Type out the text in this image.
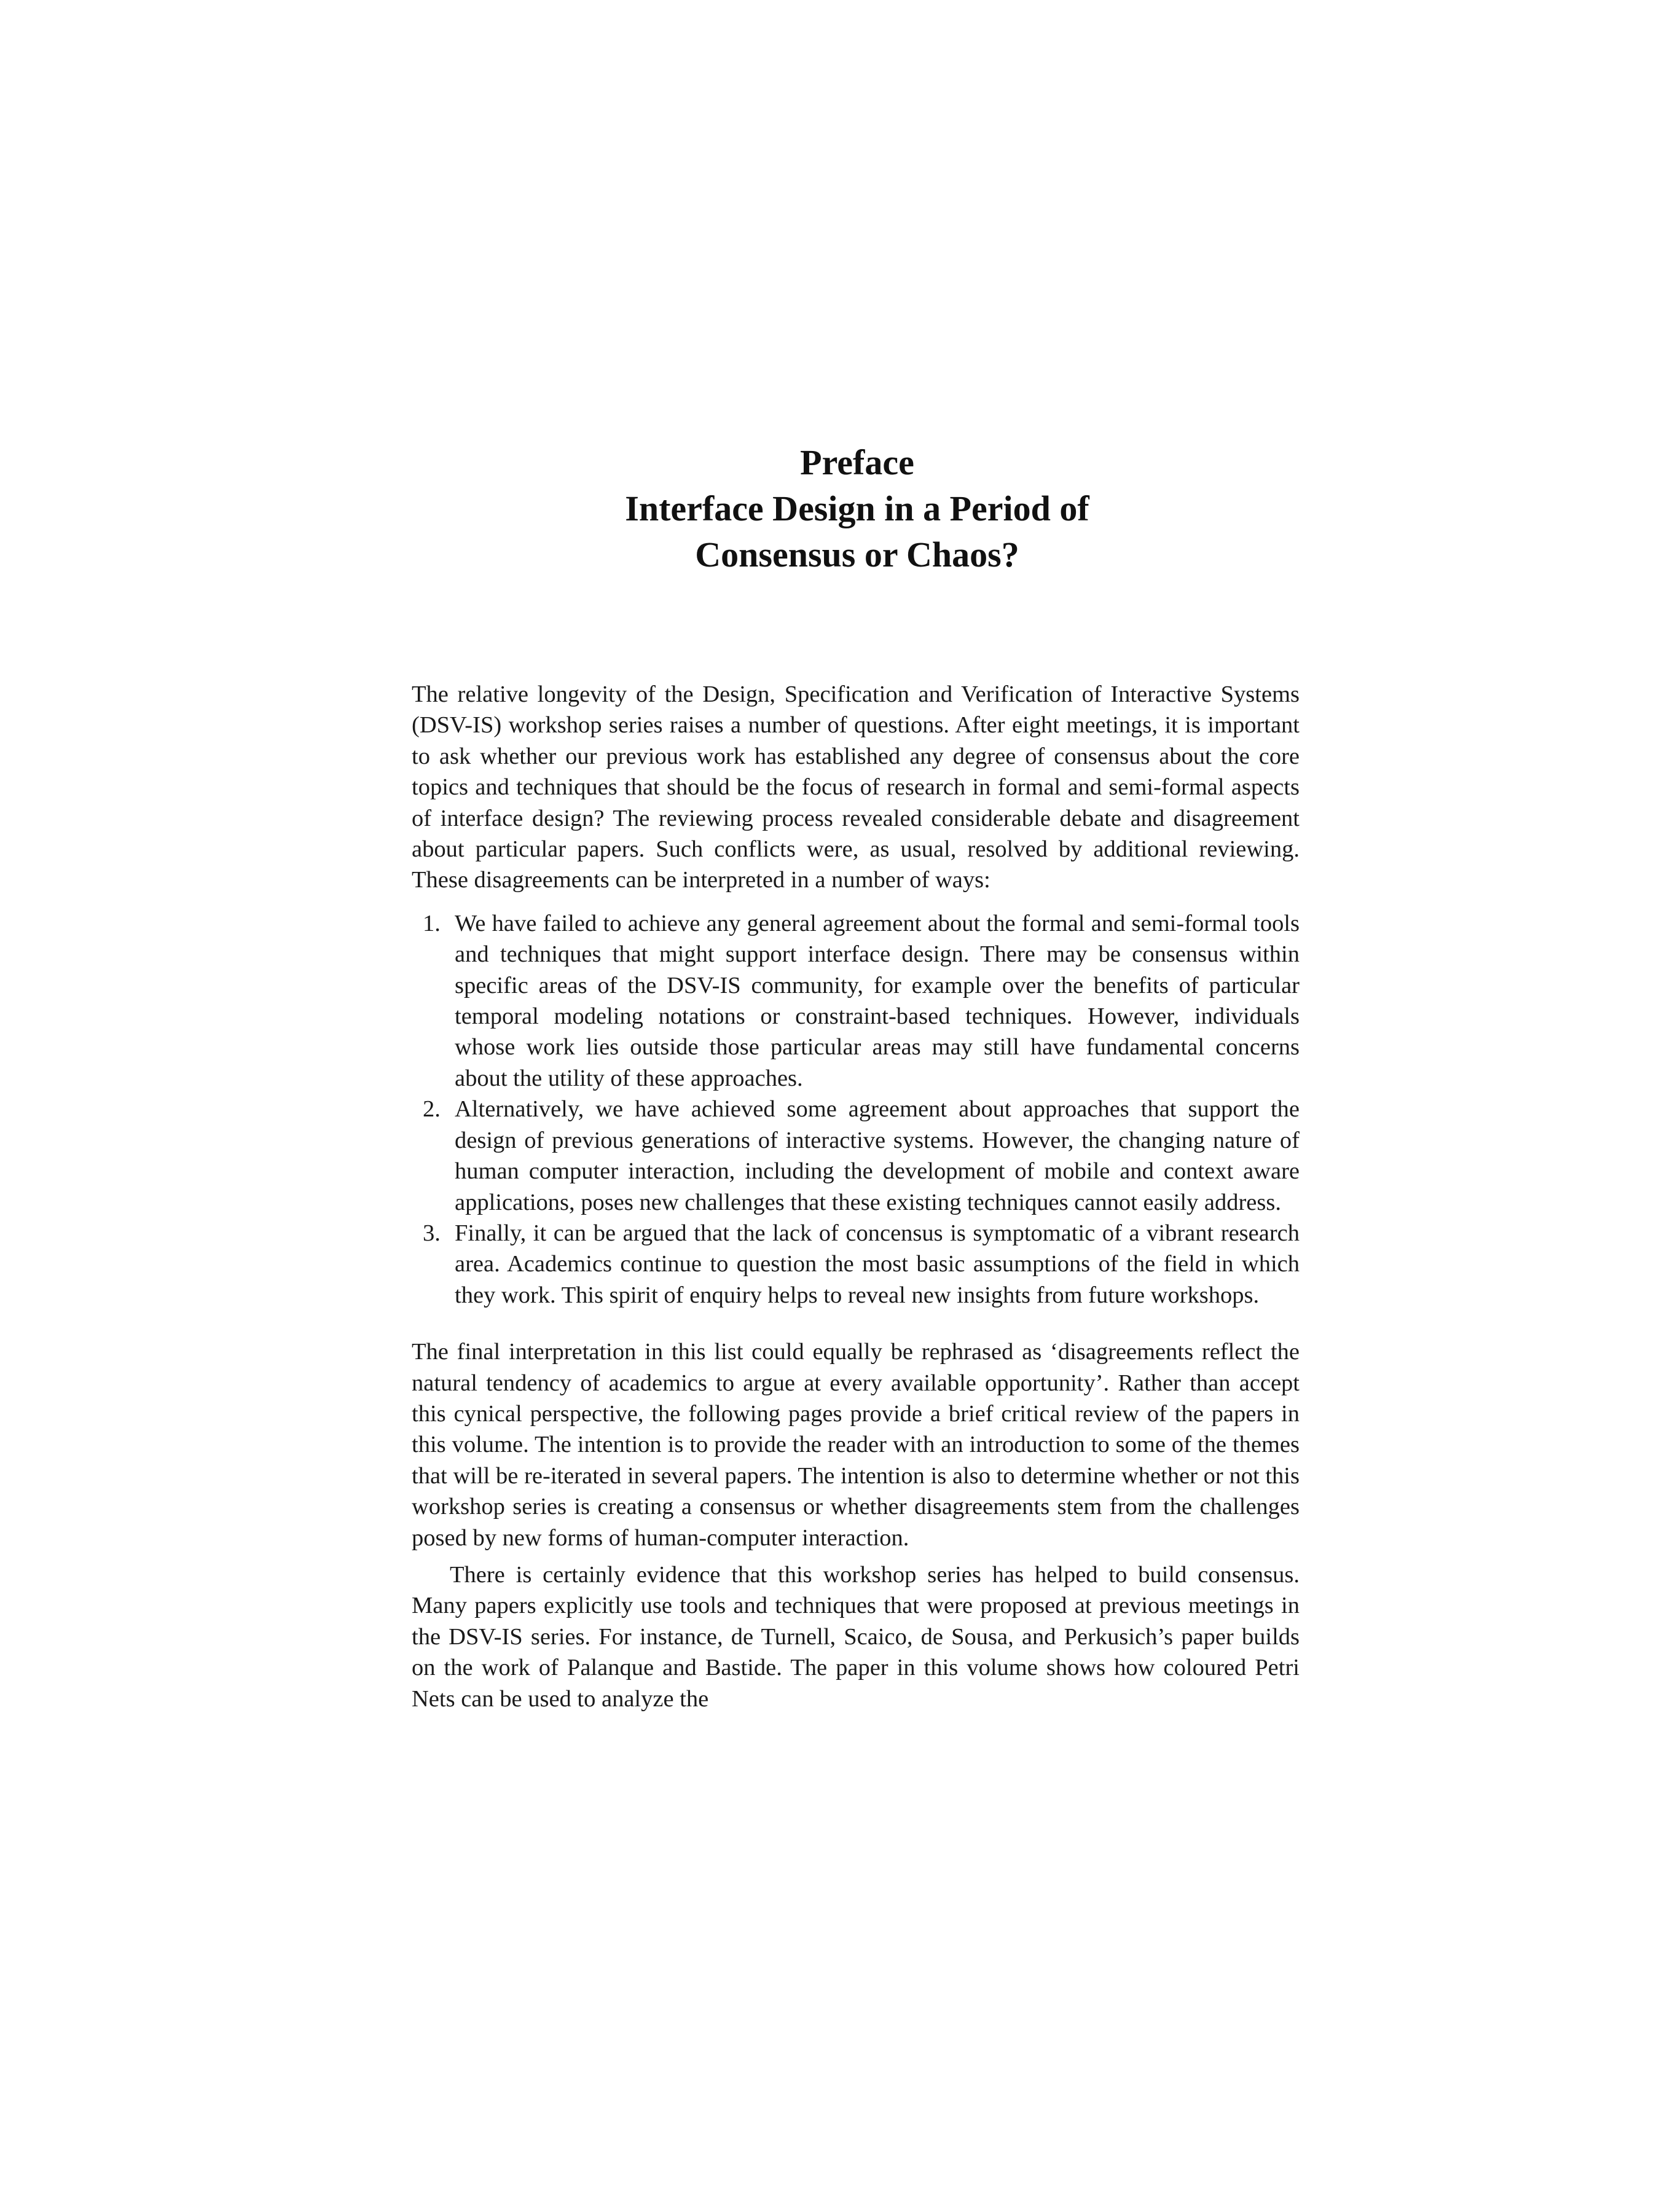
Preface
Interface Design in a Period of
Consensus or Chaos?

The relative longevity of the Design, Specification and Verification of Interactive Systems (DSV-IS) workshop series raises a number of questions. After eight meetings, it is important to ask whether our previous work has established any degree of consensus about the core topics and techniques that should be the focus of research in formal and semi-formal aspects of interface design? The reviewing process revealed considerable debate and disagreement about particular papers. Such conflicts were, as usual, resolved by additional reviewing. These disagreements can be interpreted in a number of ways:

1. We have failed to achieve any general agreement about the formal and semi-formal tools and techniques that might support interface design. There may be consensus within specific areas of the DSV-IS community, for example over the benefits of particular temporal modeling notations or constraint-based techniques. However, individuals whose work lies outside those particular areas may still have fundamental concerns about the utility of these approaches.
2. Alternatively, we have achieved some agreement about approaches that support the design of previous generations of interactive systems. However, the changing nature of human computer interaction, including the development of mobile and context aware applications, poses new challenges that these existing techniques cannot easily address.
3. Finally, it can be argued that the lack of concensus is symptomatic of a vibrant research area. Academics continue to question the most basic assumptions of the field in which they work. This spirit of enquiry helps to reveal new insights from future workshops.

The final interpretation in this list could equally be rephrased as ‘disagreements reflect the natural tendency of academics to argue at every available opportunity’. Rather than accept this cynical perspective, the following pages provide a brief critical review of the papers in this volume. The intention is to provide the reader with an introduction to some of the themes that will be re-iterated in several papers. The intention is also to determine whether or not this workshop series is creating a consensus or whether disagreements stem from the challenges posed by new forms of human-computer interaction.

There is certainly evidence that this workshop series has helped to build consensus. Many papers explicitly use tools and techniques that were proposed at previous meetings in the DSV-IS series. For instance, de Turnell, Scaico, de Sousa, and Perkusich’s paper builds on the work of Palanque and Bastide. The paper in this volume shows how coloured Petri Nets can be used to analyze the
